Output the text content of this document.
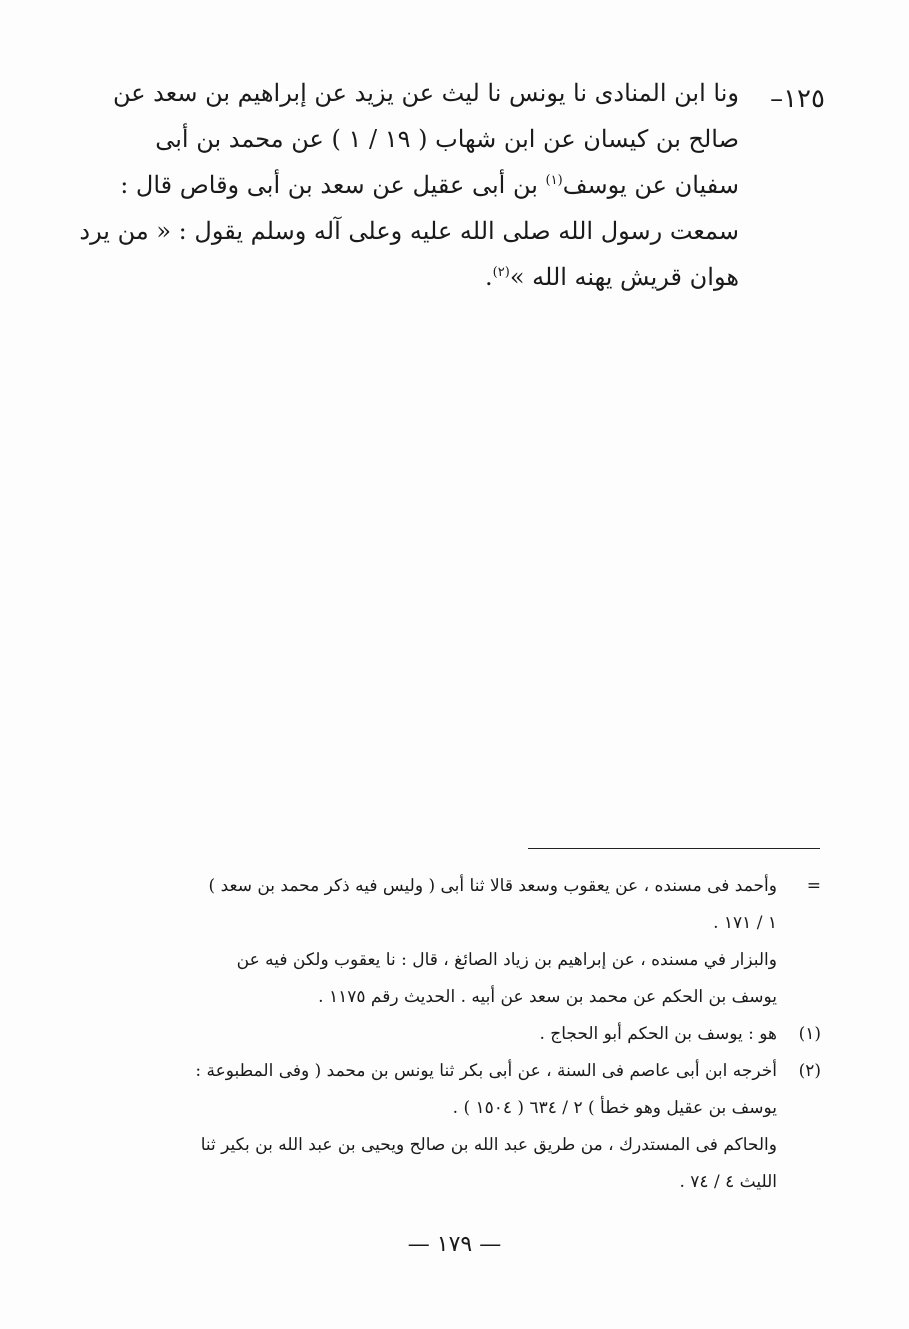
١٢٥–
ونا ابن المنادى نا يونس نا ليث عن يزيد عن إبراهيم بن سعد عن
صالح بن كيسان عن ابن شهاب ( ١٩ / ١ ) عن محمد بن أبى
سفيان عن يوسف$^{(١)}$ بن أبى عقيل عن سعد بن أبى وقاص قال :
سمعت رسول الله صلى الله عليه وعلى آله وسلم يقول : « من يرد
هوان قريش يهنه الله »$^{(٢)}$.
=
وأحمد فى مسنده ، عن يعقوب وسعد قالا ثنا أبى ( وليس فيه ذكر محمد بن سعد )
١ / ١٧١ .
والبزار في مسنده ، عن إبراهيم بن زياد الصائغ ، قال : نا يعقوب ولكن فيه عن
يوسف بن الحكم عن محمد بن سعد عن أبيه . الحديث رقم ١١٧٥ .
(١)
هو : يوسف بن الحكم أبو الحجاج .
(٢)
أخرجه ابن أبى عاصم فى السنة ، عن أبى بكر ثنا يونس بن محمد ( وفى المطبوعة :
يوسف بن عقيل وهو خطأ ) ٢ / ٦٣٤ ( ١٥٠٤ ) .
والحاكم فى المستدرك ، من طريق عبد الله بن صالح ويحيى بن عبد الله بن بكير ثنا
الليث ٤ / ٧٤ .
— ١٧٩ —
